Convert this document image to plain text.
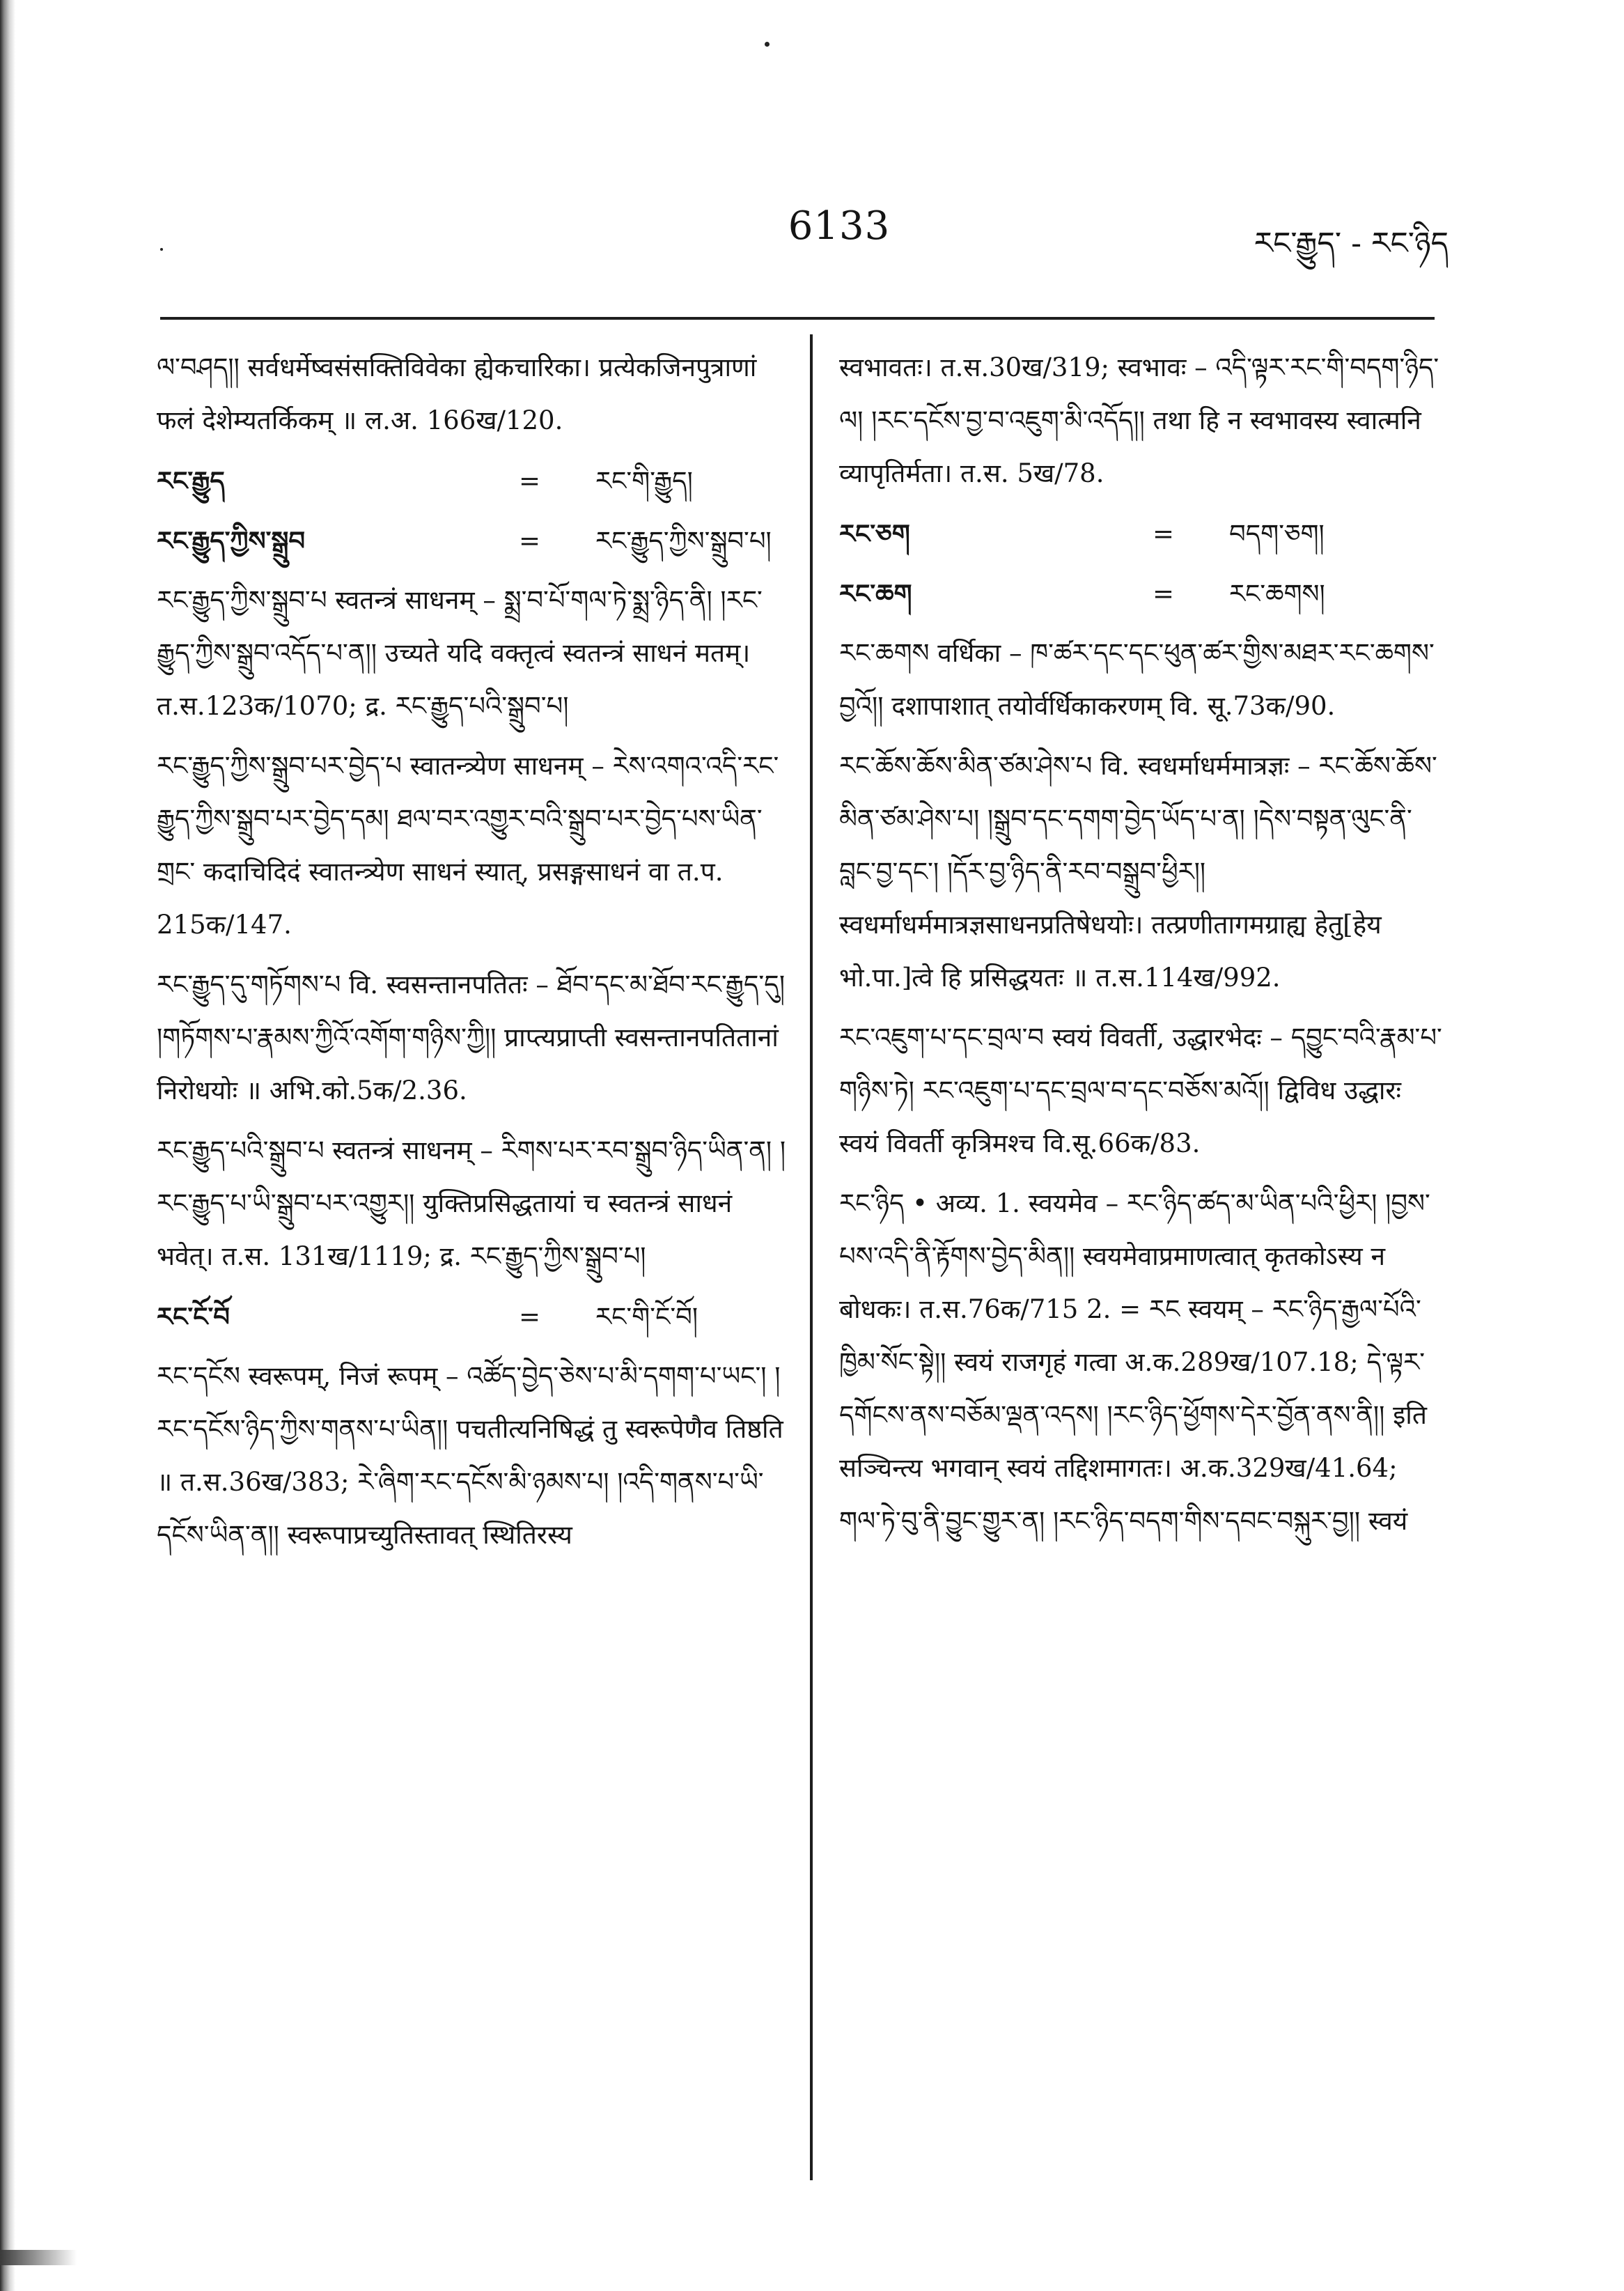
6133	རང་རྒྱུད་ - རང་ཉིད

ལ་བཤད།། सर्वधर्मेष्वसंसक्तिविवेका ह्येकचारिका। प्रत्येकजिनपुत्राणां फलं देशेम्यतर्किकम् ॥ ल.अ. 166ख/120.

རང་རྒྱུད	=	རང་གི་རྒྱུད།
རང་རྒྱུད་ཀྱིས་སྒྲུབ	=	རང་རྒྱུད་ཀྱིས་སྒྲུབ་པ།

རང་རྒྱུད་ཀྱིས་སྒྲུབ་པ स्वतन्त्रं साधनम् – སྨྲ་བ་པོ་གལ་ཏེ་སྨྲ་ཉིད་ནི། །རང་རྒྱུད་ཀྱིས་སྒྲུབ་འདོད་པ་ན།། उच्यते यदि वक्तृत्वं स्वतन्त्रं साधनं मतम्। त.स.123क/1070; द्र. རང་རྒྱུད་པའི་སྒྲུབ་པ།

རང་རྒྱུད་ཀྱིས་སྒྲུབ་པར་བྱེད་པ स्वातन्त्र्येण साधनम् – རེས་འགའ་འདི་རང་རྒྱུད་ཀྱིས་སྒྲུབ་པར་བྱེད་དམ། ཐལ་བར་འགྱུར་བའི་སྒྲུབ་པར་བྱེད་པས་ཡིན་གྲང་ कदाचिदिदं स्वातन्त्र्येण साधनं स्यात्, प्रसङ्गसाधनं वा त.प. 215क/147.

རང་རྒྱུད་དུ་གཏོགས་པ वि. स्वसन्तानपतितः – ཐོབ་དང་མ་ཐོབ་རང་རྒྱུད་དུ། །གཏོགས་པ་རྣམས་ཀྱིའོ་འགོག་གཉིས་ཀྱི།། प्राप्त्यप्राप्ती स्वसन्तानपतितानां निरोधयोः ॥ अभि.को.5क/2.36.

རང་རྒྱུད་པའི་སྒྲུབ་པ स्वतन्त्रं साधनम् – རིགས་པར་རབ་སྒྲུབ་ཉིད་ཡིན་ན། །རང་རྒྱུད་པ་ཡི་སྒྲུབ་པར་འགྱུར།། युक्तिप्रसिद्धतायां च स्वतन्त्रं साधनं भवेत्। त.स. 131ख/1119; द्र. རང་རྒྱུད་ཀྱིས་སྒྲུབ་པ།

རང་ངོ་བོ	=	རང་གི་ངོ་བོ།

རང་དངོས स्वरूपम्, निजं रूपम् – འཚོད་བྱེད་ཅེས་པ་མི་དགག་པ་ཡང་། །རང་དངོས་ཉིད་ཀྱིས་གནས་པ་ཡིན།། पचतीत्यनिषिद्धं तु स्वरूपेणैव तिष्ठति ॥ त.स.36ख/383; རེ་ཞིག་རང་དངོས་མི་ཉམས་པ། །འདི་གནས་པ་ཡི་དངོས་ཡིན་ན།། स्वरूपाप्रच्युतिस्तावत् स्थितिरस्य

स्वभावतः। त.स.30ख/319; स्वभावः – འདི་ལྟར་རང་གི་བདག་ཉིད་ལ། །རང་དངོས་བྱ་བ་འཇུག་མི་འདོད།། तथा हि न स्वभावस्य स्वात्मनि व्यापृतिर्मता। त.स. 5ख/78.

རང་ཅག	=	བདག་ཅག།
རང་ཆག	=	རང་ཆགས།

རང་ཆགས वर्धिका – ཁ་ཚར་དང་དང་ཕུན་ཚར་གྱིས་མཐར་རང་ཆགས་བྱའོ།། दशापाशात् तयोर्वर्धिकाकरणम् वि. सू.73क/90.

རང་ཆོས་ཆོས་མིན་ཙམ་ཤེས་པ वि. स्वधर्माधर्ममात्रज्ञः – རང་ཆོས་ཆོས་མིན་ཙམ་ཤེས་པ། །སྒྲུབ་དང་དགག་བྱེད་ཡོད་པ་ན། །དེས་བསྟན་ལུང་ནི་བླང་བྱ་དང་། །དོར་བྱ་ཉིད་ནི་རབ་བསྒྲུབ་ཕྱིར།། स्वधर्माधर्ममात्रज्ञसाधनप्रतिषेधयोः। तत्प्रणीतागमग्राह्य हेतु[हेय भो.पा.]त्वे हि प्रसिद्धयतः ॥ त.स.114ख/992.

རང་འཇུག་པ་དང་བྲལ་བ स्वयं विवर्ती, उद्धारभेदः – དབྱུང་བའི་རྣམ་པ་གཉིས་ཏེ། རང་འཇུག་པ་དང་བྲལ་བ་དང་བཅོས་མའོ།། द्विविध उद्धारः स्वयं विवर्ती कृत्रिमश्च वि.सू.66क/83.

རང་ཉིད • अव्य. 1. स्वयमेव – རང་ཉིད་ཚད་མ་ཡིན་པའི་ཕྱིར། །བྱས་པས་འདི་ནི་རྟོགས་བྱེད་མིན།། स्वयमेवाप्रमाणत्वात् कृतकोऽस्य न बोधकः। त.स.76क/715 2. = རང स्वयम् – རང་ཉིད་རྒྱལ་པོའི་ཁྱིམ་སོང་སྟེ།། स्वयं राजगृहं गत्वा अ.क.289ख/107.18; དེ་ལྟར་དགོངས་ནས་བཅོམ་ལྡན་འདས། །རང་ཉིད་ཕྱོགས་དེར་བྱོན་ནས་ནི།། इति सञ्चिन्त्य भगवान् स्वयं तद्दिशमागतः। अ.क.329ख/41.64; གལ་ཏེ་བུ་ནི་བྱུང་གྱུར་ན། །རང་ཉིད་བདག་གིས་དབང་བསྐུར་བྱ།། स्वयं
